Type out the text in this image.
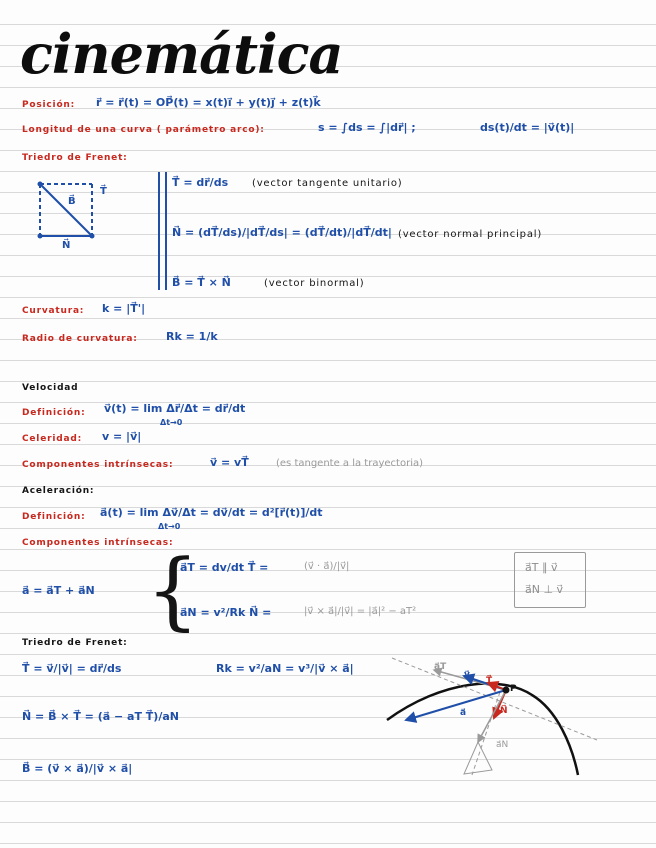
cinemática
Posición: r⃗ = r⃗(t) = OP⃗(t) = x(t)i⃗ + y(t)j⃗ + z(t)k⃗
Longitud de una curva ( parámetro arco):	s = ∫ds = ∫|dr⃗| ;	ds(t)/dt = |v⃗(t)|
Triedro de Frenet:
T⃗
B⃗
N⃗
T⃗ = dr⃗/ds (vector tangente unitario)
N⃗ = (dT⃗/ds)/|dT⃗/ds| = (dT⃗/dt)/|dT⃗/dt| (vector normal principal)
B⃗ = T⃗ × N⃗	(vector binormal)
Curvatura: k = |T⃗'|
Radio de curvatura:	Rk = 1/k
Velocidad
Definición: v⃗(t) = lim Δr⃗/Δt = dr⃗/dt
Δt→0
Celeridad: v = |v⃗|
Componentes intrínsecas:	v⃗ = vT⃗	(es tangente a la trayectoria)
Aceleración:
Definición: a⃗(t) = lim Δv⃗/Δt = dv⃗/dt = d²[r⃗(t)]/dt
Δt→0
Componentes intrínsecas:
a⃗ = a⃗T + a⃗N {
a⃗T = dv/dt T⃗ =	(v⃗ · a⃗)/|v⃗|
a⃗N = v²/Rk N⃗ =	|v⃗ × a⃗|/|v⃗| = |a⃗|² − aT²
a⃗T ∥ v⃗
a⃗N ⊥ v⃗
Triedro de Frenet:
T⃗ = v⃗/|v⃗| = dr⃗/ds	Rk = v²/aN = v³/|v⃗ × a⃗|
N⃗ = B⃗ × T⃗ = (a⃗ − aT T⃗)/aN
B⃗ = (v⃗ × a⃗)/|v⃗ × a⃗|
P
v⃗
T⃗
a⃗T
a⃗	N⃗
a⃗N
